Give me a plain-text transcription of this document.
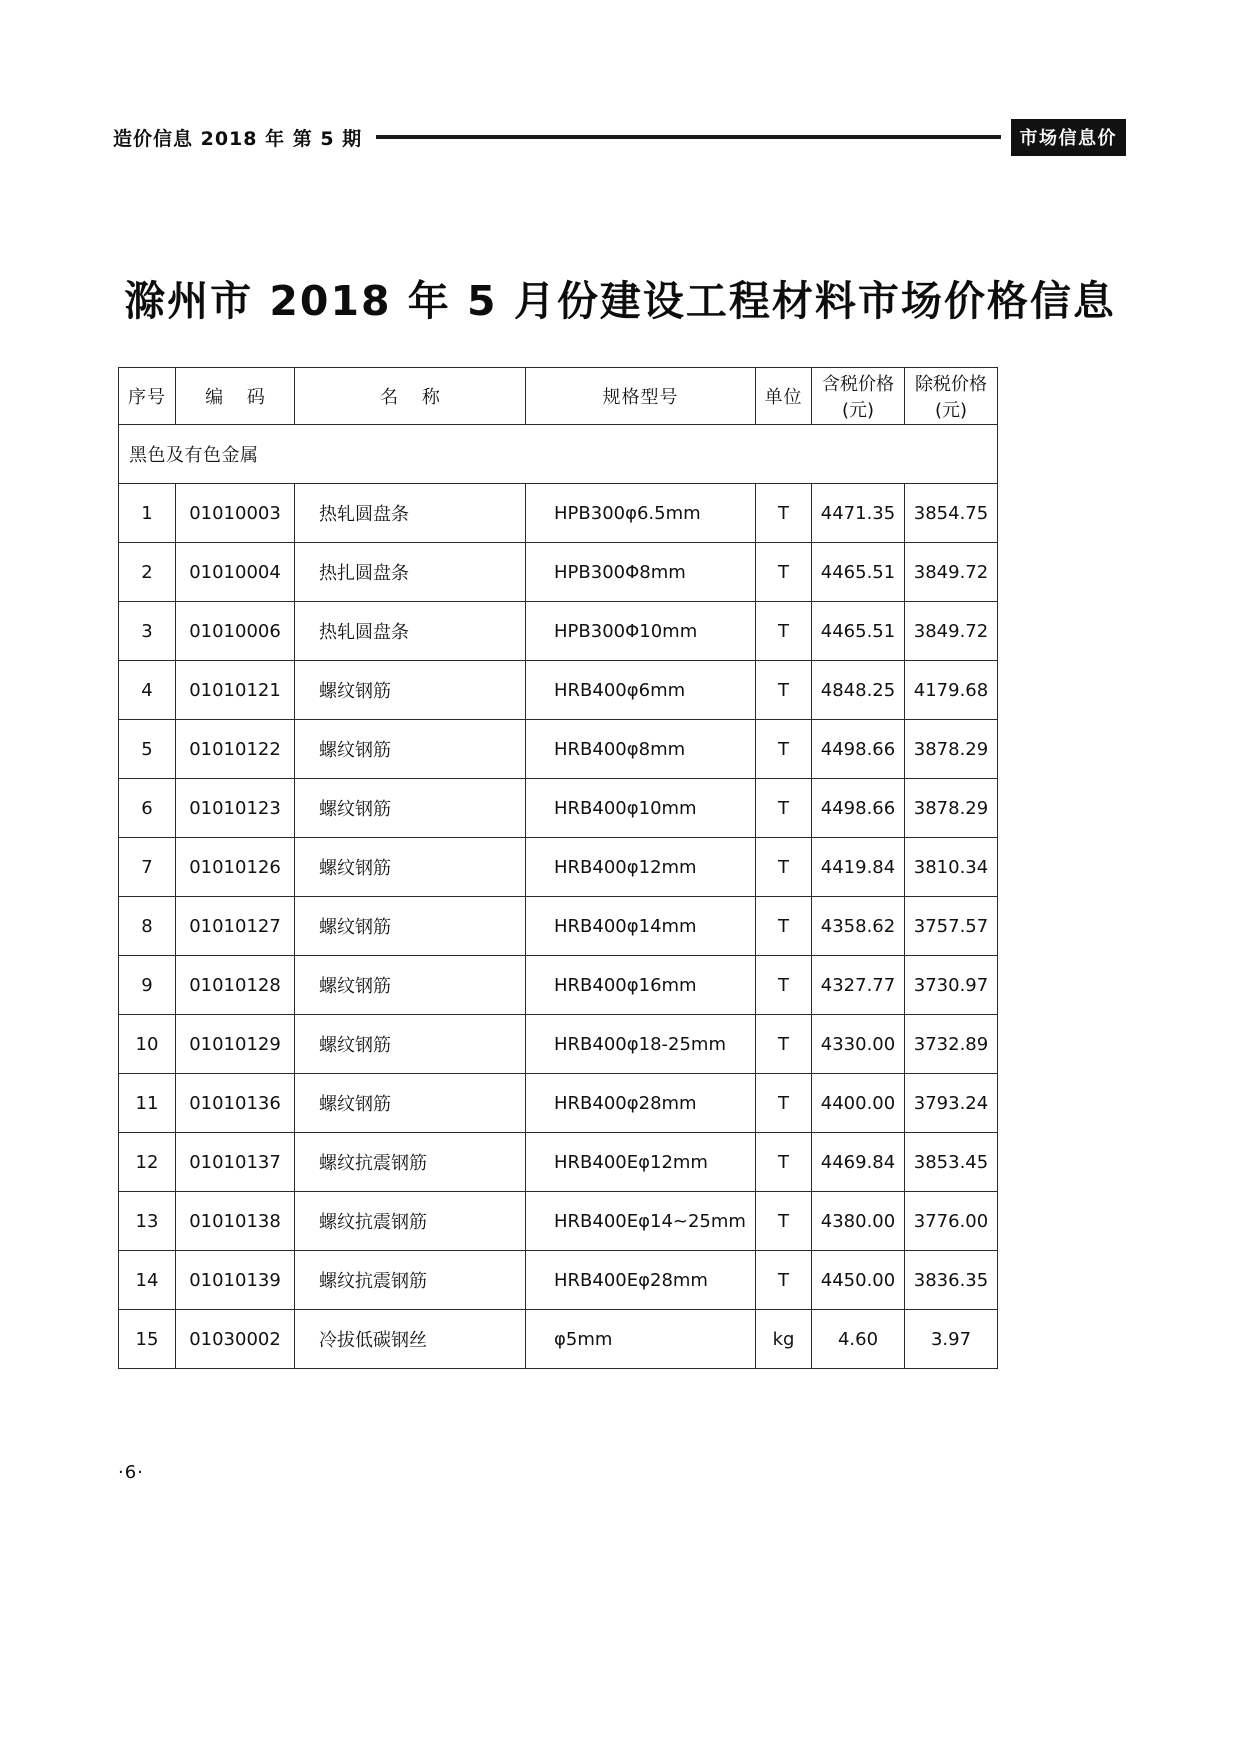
造价信息 2018 年 第 5 期	市场信息价
滁州市 2018 年 5 月份建设工程材料市场价格信息
序号	编 码	名 称	规格型号	单位	含税价格(元)	除税价格(元)
黑色及有色金属						
1	01010003	热轧圆盘条	HPB300φ6.5mm	T	4471.35	3854.75
2	01010004	热扎圆盘条	HPB300Φ8mm	T	4465.51	3849.72
3	01010006	热轧圆盘条	HPB300Φ10mm	T	4465.51	3849.72
4	01010121	螺纹钢筋	HRB400φ6mm	T	4848.25	4179.68
5	01010122	螺纹钢筋	HRB400φ8mm	T	4498.66	3878.29
6	01010123	螺纹钢筋	HRB400φ10mm	T	4498.66	3878.29
7	01010126	螺纹钢筋	HRB400φ12mm	T	4419.84	3810.34
8	01010127	螺纹钢筋	HRB400φ14mm	T	4358.62	3757.57
9	01010128	螺纹钢筋	HRB400φ16mm	T	4327.77	3730.97
10	01010129	螺纹钢筋	HRB400φ18-25mm	T	4330.00	3732.89
11	01010136	螺纹钢筋	HRB400φ28mm	T	4400.00	3793.24
12	01010137	螺纹抗震钢筋	HRB400Eφ12mm	T	4469.84	3853.45
13	01010138	螺纹抗震钢筋	HRB400Eφ14~25mm	T	4380.00	3776.00
14	01010139	螺纹抗震钢筋	HRB400Eφ28mm	T	4450.00	3836.35
15	01030002	冷拔低碳钢丝	φ5mm	kg	4.60	3.97
·6·
